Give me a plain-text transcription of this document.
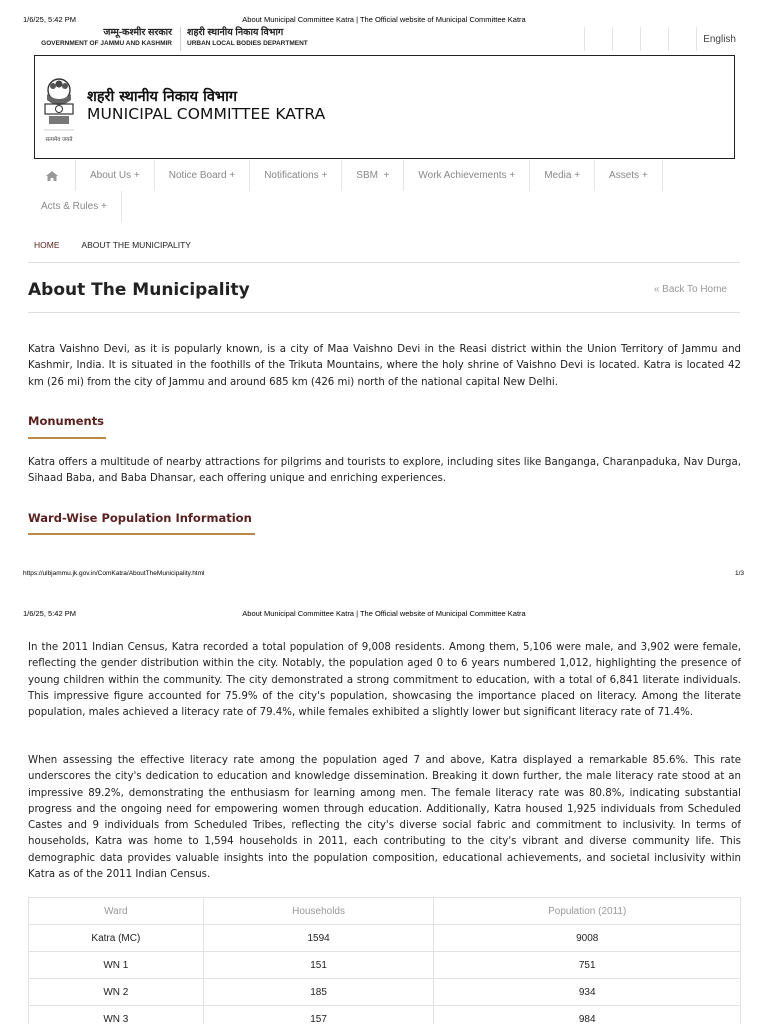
1/6/25, 5:42 PM	About Municipal Committee Katra | The Official website of Municipal Committee Katra
जम्मू-कश्मीर सरकार
GOVERNMENT OF JAMMU AND KASHMIR
शहरी स्थानीय निकाय विभाग
URBAN LOCAL BODIES DEPARTMENT	English
सत्यमेव जयते
शहरी स्थानीय निकाय विभाग
MUNICIPAL COMMITTEE KATRA
About Us +	Notice Board +	Notifications +	SBM  +	Work Achievements +	Media +	Assets +
Acts & Rules +
HOME	ABOUT THE MUNICIPALITY
About The Municipality	« Back To Home

Katra Vaishno Devi, as it is popularly known, is a city of Maa Vaishno Devi in the Reasi district within the Union Territory of Jammu and Kashmir, India. It is situated in the foothills of the Trikuta Mountains, where the holy shrine of Vaishno Devi is located. Katra is located 42 km (26 mi) from the city of Jammu and around 685 km (426 mi) north of the national capital New Delhi.

Monuments

Katra offers a multitude of nearby attractions for pilgrims and tourists to explore, including sites like Banganga, Charanpaduka, Nav Durga, Sihaad Baba, and Baba Dhansar, each offering unique and enriching experiences.

Ward-Wise Population Information
https://ulbjammu.jk.gov.in/ComKatra/AboutTheMunicipality.html	1/3
1/6/25, 5:42 PM	About Municipal Committee Katra | The Official website of Municipal Committee Katra

In the 2011 Indian Census, Katra recorded a total population of 9,008 residents. Among them, 5,106 were male, and 3,902 were female, reflecting the gender distribution within the city. Notably, the population aged 0 to 6 years numbered 1,012, highlighting the presence of young children within the community. The city demonstrated a strong commitment to education, with a total of 6,841 literate individuals. This impressive figure accounted for 75.9% of the city's population, showcasing the importance placed on literacy. Among the literate population, males achieved a literacy rate of 79.4%, while females exhibited a slightly lower but significant literacy rate of 71.4%.

When assessing the effective literacy rate among the population aged 7 and above, Katra displayed a remarkable 85.6%. This rate underscores the city's dedication to education and knowledge dissemination. Breaking it down further, the male literacy rate stood at an impressive 89.2%, demonstrating the enthusiasm for learning among men. The female literacy rate was 80.8%, indicating substantial progress and the ongoing need for empowering women through education. Additionally, Katra housed 1,925 individuals from Scheduled Castes and 9 individuals from Scheduled Tribes, reflecting the city's diverse social fabric and commitment to inclusivity. In terms of households, Katra was home to 1,594 households in 2011, each contributing to the city's vibrant and diverse community life. This demographic data provides valuable insights into the population composition, educational achievements, and societal inclusivity within Katra as of the 2011 Indian Census.

Ward	Households	Population (2011)
Katra (MC)	1594	9008
WN 1	151	751
WN 2	185	934
WN 3	157	984
